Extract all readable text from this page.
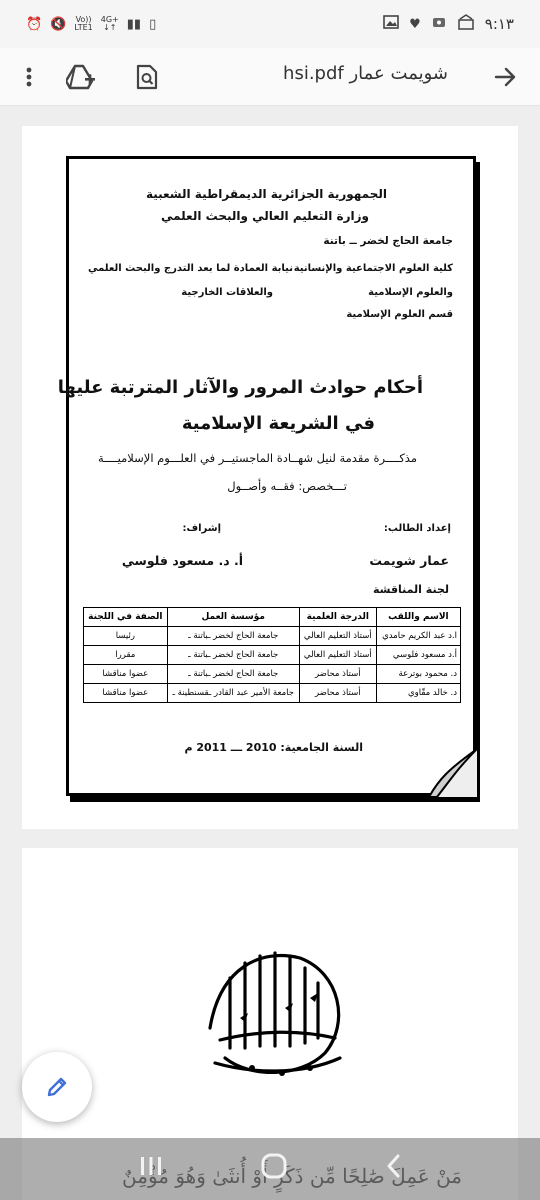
⏰ 🔇 Vo))
LTE1
4G+
↓↑ ▮▮ ▯	♥	٩:١٣
شويمت عمار hsi.pdf
الجمهورية الجزائرية الديمقراطية الشعبية
وزارة التعليم العالي والبحث العلمي
جامعة الحاج لخضر ــ باتنة
كلية العلوم الاجتماعية والإنسانية
والعلوم الإسلامية
قسم العلوم الإسلامية
نيابة العمادة لما بعد التدرج والبحث العلمي
والعلاقات الخارجية
أحكام حوادث المرور والآثار المترتبة عليها
في الشريعة الإسلامية
مذكــــرة مقدمة لنيل شهــادة الماجستيــر في العلـــوم الإسلاميــــة
تـــخصص: فقــه وأصــول
إعداد الطالب:
عمار شويمت
إشراف:
أ. د. مسعود فلوسي
لجنة المناقشة
الاسم واللقب	الدرجة العلمية	مؤسسة العمل	الصفة في اللجنة
ا.د عبد الكريم حامدي	أستاذ التعليم العالي	جامعة الحاج لخضر ـباتنة ـ	رئيسا
أ.د مسعود فلوسي	أستاذ التعليم العالي	جامعة الحاج لخضر ـباتنة ـ	مقررا
د. محمود بوترعة	أستاذ محاضر	جامعة الحاج لخضر ـباتنة ـ	عضوا مناقشا
د. خالد مقّاوي	أستاذ محاضر	جامعة الأمير عبد القادر ـقسنطينة ـ	عضوا مناقشا
السنة الجامعية: 2010 ـــ 2011 م
